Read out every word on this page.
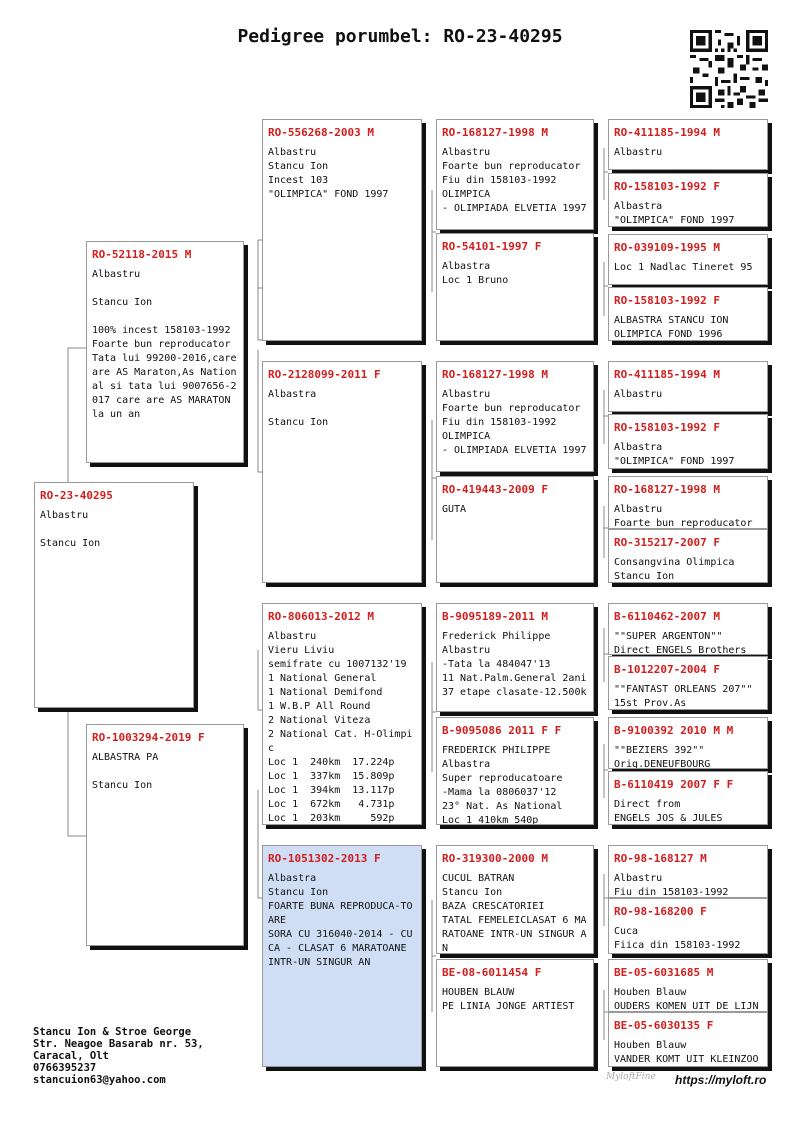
Pedigree porumbel: RO-23-40295
RO-23-40295
Albastru

Stancu Ion
RO-52118-2015 M
Albastru

Stancu Ion

100% incest 158103-1992
Foarte bun reproducator
Tata lui 99200-2016,care are AS Maraton,As National si tata lui 9007656-2017 care are AS MARATON la un an
RO-1003294-2019 F
ALBASTRA PA

Stancu Ion
RO-556268-2003 M
Albastru
Stancu Ion
Incest 103
"OLIMPICA" FOND 1997
RO-2128099-2011 F
Albastra

Stancu Ion
RO-806013-2012 M
Albastru
Vieru Liviu
semifrate cu 1007132'19
1 National General
1 National Demifond
1 W.B.P All Round
2 National Viteza
2 National Cat. H-Olimpic
Loc 1  240km  17.224p
Loc 1  337km  15.809p
Loc 1  394km  13.117p
Loc 1  672km   4.731p
Loc 1  203km     592p
RO-1051302-2013 F
Albastra
Stancu Ion
FOARTE BUNA REPRODUCA-TOARE
SORA CU 316040-2014 - CUCA - CLASAT 6 MARATOANE INTR-UN SINGUR AN
RO-168127-1998 M
Albastru
Foarte bun reproducator
Fiu din 158103-1992
OLIMPICA
- OLIMPIADA ELVETIA 1997
RO-54101-1997 F
Albastra
Loc 1 Bruno
RO-168127-1998 M
Albastru
Foarte bun reproducator
Fiu din 158103-1992
OLIMPICA
- OLIMPIADA ELVETIA 1997
RO-419443-2009 F
GUTA
B-9095189-2011 M
Frederick Philippe
Albastru
-Tata la 484047'13
11 Nat.Palm.General 2ani
37 etape clasate-12.500k
B-9095086 2011 F F
FREDERICK PHILIPPE
Albastra
Super reproducatoare
-Mama la 0806037'12
23° Nat. As National
Loc 1 410km 540p
RO-319300-2000 M
CUCUL BATRAN
Stancu Ion
BAZA CRESCATORIEI
TATAL FEMELEICLASAT 6 MARATOANE INTR-UN SINGUR AN
BE-08-6011454 F
HOUBEN BLAUW
PE LINIA JONGE ARTIEST
RO-411185-1994 M
Albastru
RO-158103-1992 F
Albastra
"OLIMPICA" FOND 1997
RO-039109-1995 M
Loc 1 Nadlac Tineret 95
RO-158103-1992 F
ALBASTRA STANCU ION
OLIMPICA FOND 1996
RO-411185-1994 M
Albastru
RO-158103-1992 F
Albastra
"OLIMPICA" FOND 1997
RO-168127-1998 M
Albastru
Foarte bun reproducator
RO-315217-2007 F
Consangvina Olimpica
Stancu Ion
B-6110462-2007 M
""SUPER ARGENTON""
Direct ENGELS Brothers
B-1012207-2004 F
""FANTAST ORLEANS 207""
15st Prov.As
B-9100392 2010 M M
""BEZIERS 392""
Orig.DENEUFBOURG
B-6110419 2007 F F
Direct from
ENGELS JOS & JULES
RO-98-168127 M
Albastru
Fiu din 158103-1992
RO-98-168200 F
Cuca
Fiica din 158103-1992
BE-05-6031685 M
Houben Blauw
OUDERS KOMEN UIT DE LIJN
BE-05-6030135 F
Houben Blauw
VANDER KOMT UIT KLEINZOO
Stancu Ion & Stroe George
Str. Neagoe Basarab nr. 53,
Caracal, Olt
0766395237
stancuion63@yahoo.com	MyloftFine https://myloft.ro
